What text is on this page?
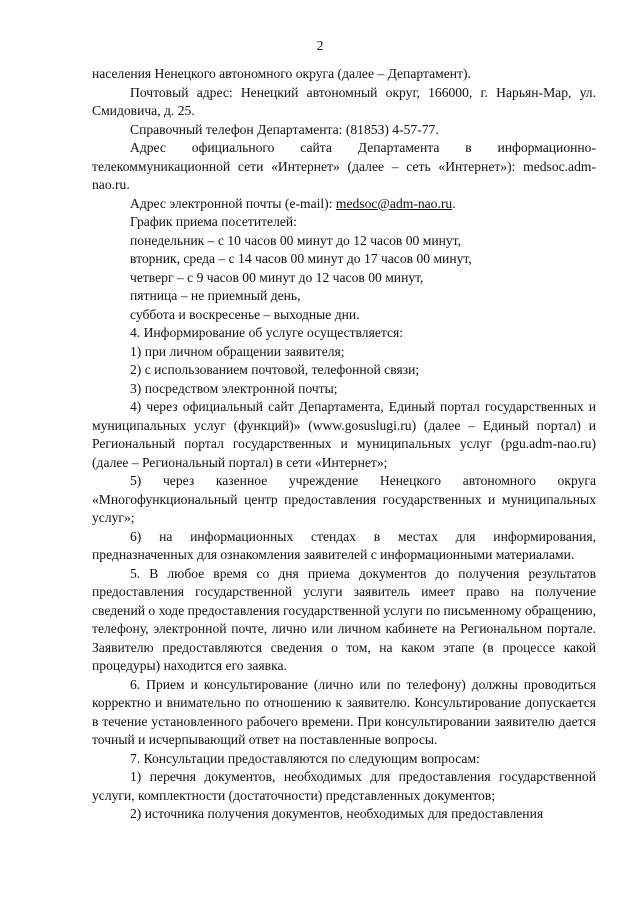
2

населения Ненецкого автономного округа (далее – Департамент).

Почтовый адрес: Ненецкий автономный округ, 166000, г. Нарьян-Мар, ул. Смидовича, д. 25.

Справочный телефон Департамента: (81853) 4-57-77.

Адрес официального сайта Департамента в информационно-телекоммуникационной сети «Интернет» (далее – сеть «Интернет»): medsoc.adm-nao.ru.

Адрес электронной почты (e-mail): medsoc@adm-nao.ru.

График приема посетителей:
понедельник – с 10 часов 00 минут до 12 часов 00 минут,
вторник, среда – с 14 часов 00 минут до 17 часов 00 минут,
четверг – с 9 часов 00 минут до 12 часов 00 минут,
пятница – не приемный день,
суббота и воскресенье – выходные дни.
4. Информирование об услуге осуществляется:
1) при личном обращении заявителя;
2) с использованием почтовой, телефонной связи;
3) посредством электронной почты;

4) через официальный сайт Департамента, Единый портал государственных и муниципальных услуг (функций)» (www.gosuslugi.ru) (далее – Единый портал) и Региональный портал государственных и муниципальных услуг (pgu.adm-nao.ru) (далее – Региональный портал) в сети «Интернет»;

5) через казенное учреждение Ненецкого автономного округа «Многофункциональный центр предоставления государственных и муниципальных услуг»;

6) на информационных стендах в местах для информирования, предназначенных для ознакомления заявителей с информационными материалами.

5. В любое время со дня приема документов до получения результатов предоставления государственной услуги заявитель имеет право на получение сведений о ходе предоставления государственной услуги по письменному обращению, телефону, электронной почте, лично или личном кабинете на Региональном портале. Заявителю предоставляются сведения о том, на каком этапе (в процессе какой процедуры) находится его заявка.

6. Прием и консультирование (лично или по телефону) должны проводиться корректно и внимательно по отношению к заявителю. Консультирование допускается в течение установленного рабочего времени. При консультировании заявителю дается точный и исчерпывающий ответ на поставленные вопросы.

7. Консультации предоставляются по следующим вопросам:

1) перечня документов, необходимых для предоставления государственной услуги, комплектности (достаточности) представленных документов;

2) источника получения документов, необходимых для предоставления
